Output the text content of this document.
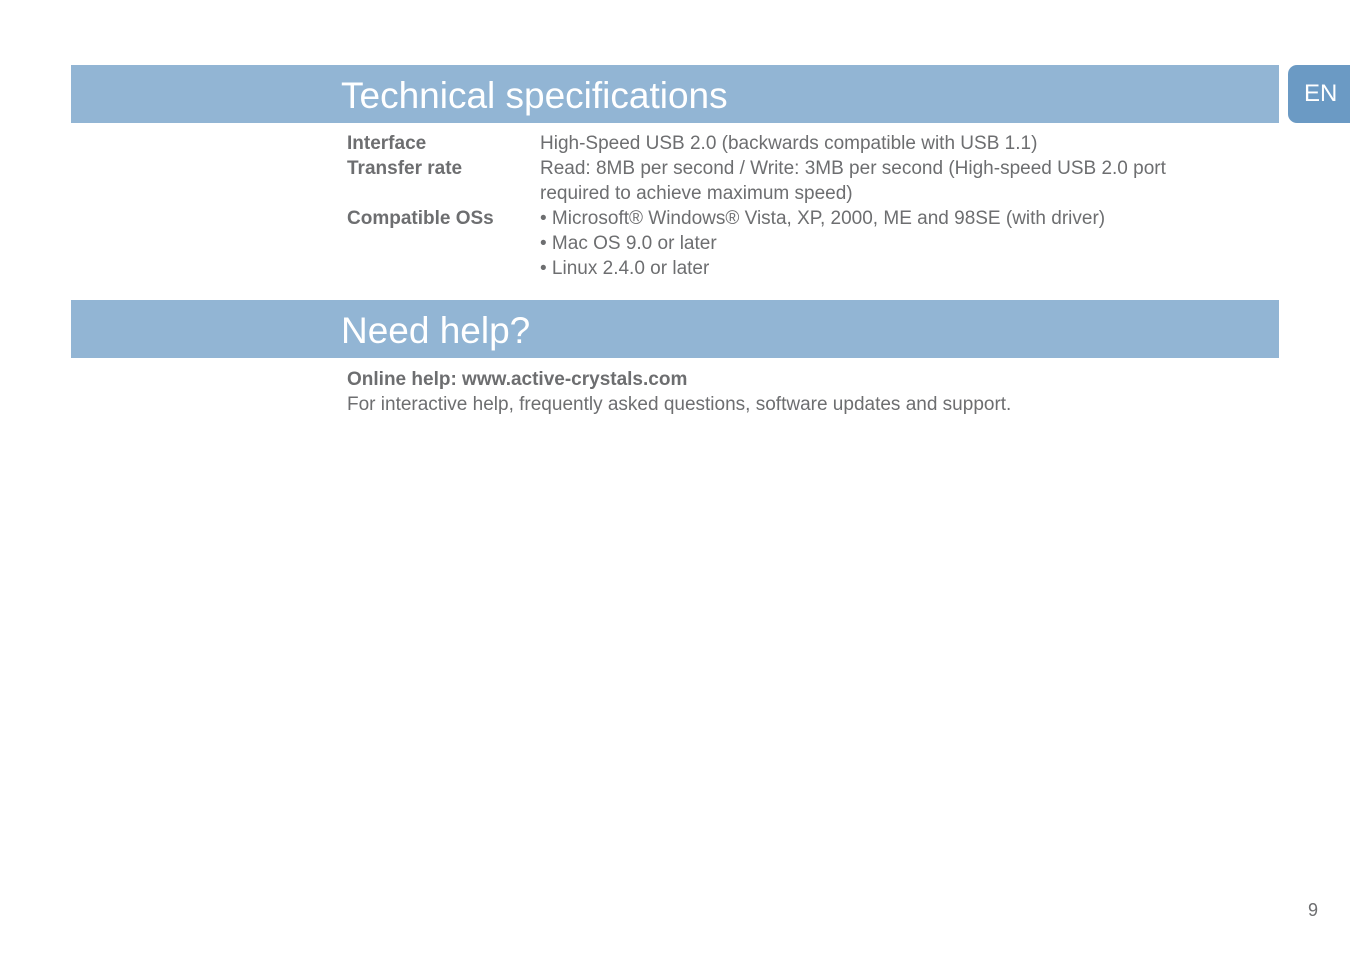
Technical specifications	EN
Interface	High-Speed USB 2.0 (backwards compatible with USB 1.1)
Transfer rate	Read: 8MB per second / Write: 3MB per second (High-speed USB 2.0 port
required to achieve maximum speed)
Compatible OSs	• Microsoft® Windows® Vista, XP, 2000, ME and 98SE (with driver)
• Mac OS 9.0 or later
• Linux 2.4.0 or later
Need help?
Online help: www.active-crystals.com
For interactive help, frequently asked questions, software updates and support.
9
